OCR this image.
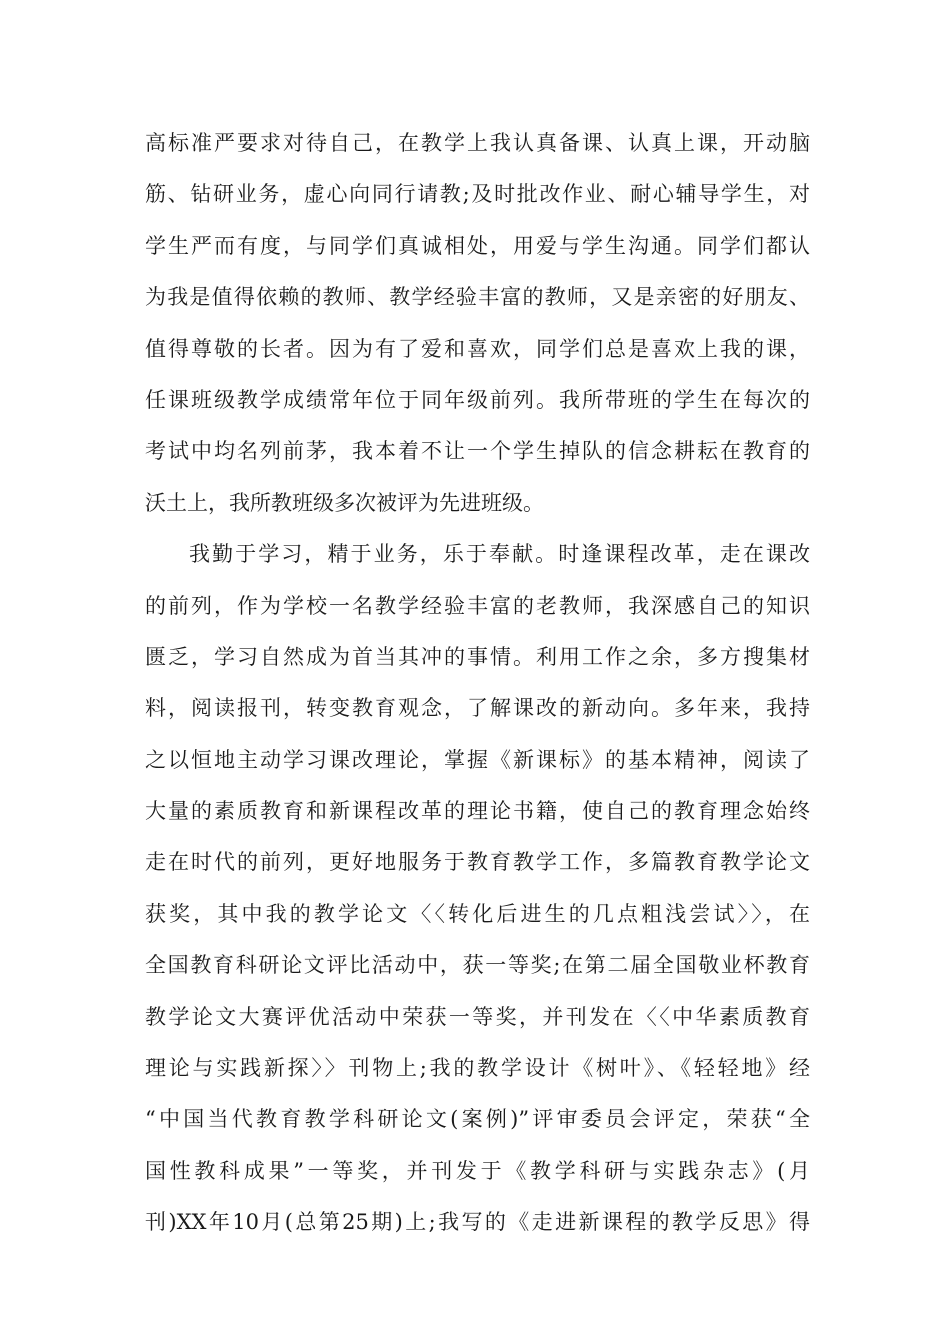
高标准严要求对待自己，在教学上我认真备课、认真上课，开动脑
筋、钻研业务，虚心向同行请教;及时批改作业、耐心辅导学生，对
学生严而有度，与同学们真诚相处，用爱与学生沟通。同学们都认
为我是值得依赖的教师、教学经验丰富的教师，又是亲密的好朋友、
值得尊敬的长者。因为有了爱和喜欢，同学们总是喜欢上我的课，
任课班级教学成绩常年位于同年级前列。我所带班的学生在每次的
考试中均名列前茅，我本着不让一个学生掉队的信念耕耘在教育的
沃土上，我所教班级多次被评为先进班级。
我勤于学习，精于业务，乐于奉献。时逢课程改革，走在课改
的前列，作为学校一名教学经验丰富的老教师，我深感自己的知识
匮乏，学习自然成为首当其冲的事情。利用工作之余，多方搜集材
料，阅读报刊，转变教育观念，了解课改的新动向。多年来，我持
之以恒地主动学习课改理论，掌握《新课标》的基本精神，阅读了
大量的素质教育和新课程改革的理论书籍，使自己的教育理念始终
走在时代的前列，更好地服务于教育教学工作，多篇教育教学论文
获奖，其中我的教学论文〈〈转化后进生的几点粗浅尝试〉〉，在
全国教育科研论文评比活动中，获一等奖;在第二届全国敬业杯教育
教学论文大赛评优活动中荣获一等奖，并刊发在〈〈中华素质教育
理论与实践新探〉〉刊物上;我的教学设计《树叶》、《轻轻地》经
“中国当代教育教学科研论文(案例)”评审委员会评定，荣获“全
国性教科成果”一等奖，并刊发于《教学科研与实践杂志》(月
刊)XX年10月(总第25期)上;我写的《走进新课程的教学反思》得
